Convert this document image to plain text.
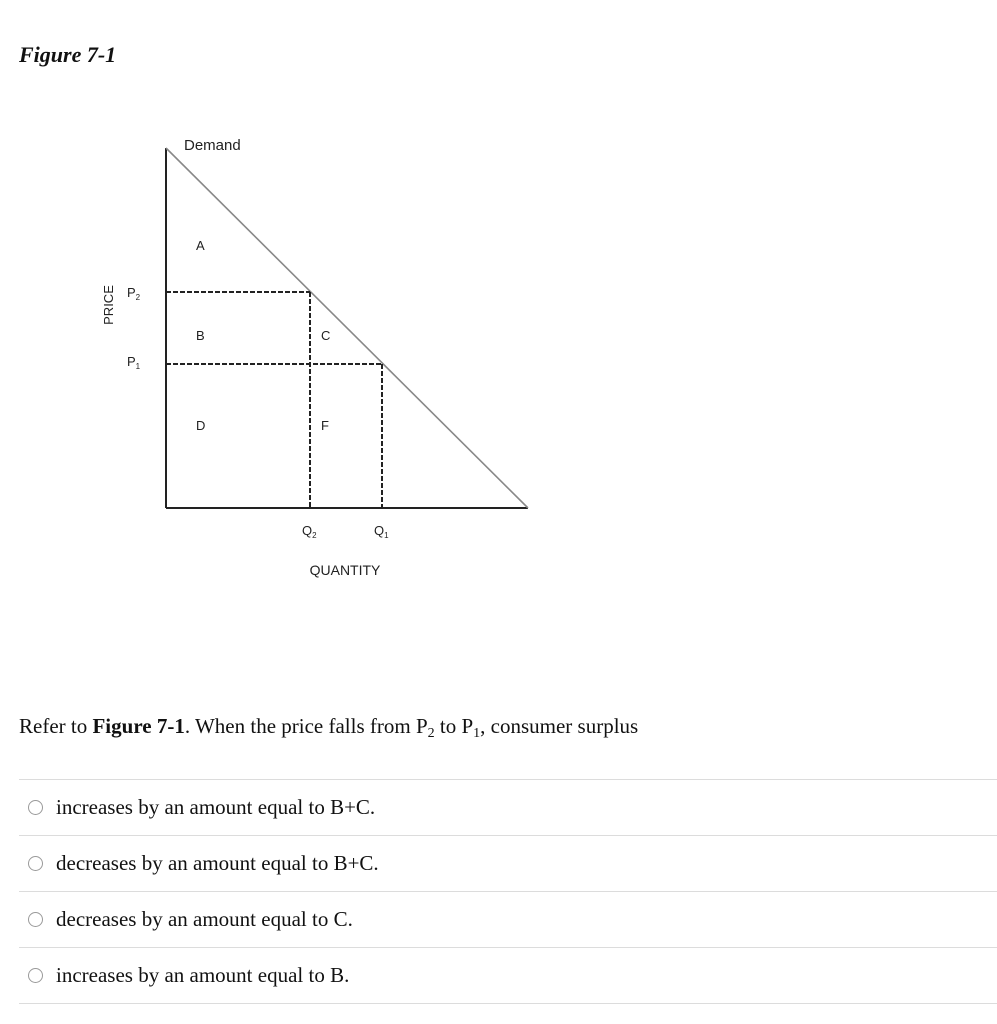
Figure 7-1
Demand
PRICE $P_2$
$P_1$
A
B	C
D	F
$Q_2$	$Q_1$
QUANTITY

Refer to Figure 7-1. When the price falls from $P_2$ to $P_1$, consumer surplus

increases by an amount equal to B+C.
decreases by an amount equal to B+C.
decreases by an amount equal to C.
increases by an amount equal to B.
